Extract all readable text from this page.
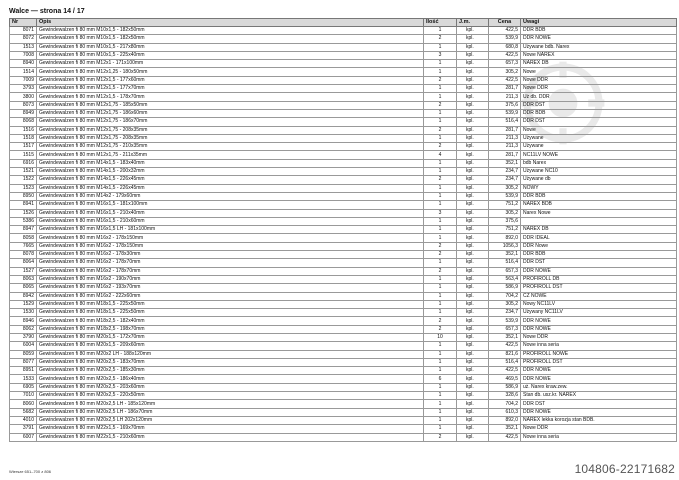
Walce — strona 14 / 17
Nr	Opis	Ilość	J.m.	Cena	Uwagi
8071	Gewindewalzen fi 80 mm M10x1,5 - 182x50mm	1	kpl.	422,5	DDR BDB
8072	Gewindewalzen fi 80 mm M10x1,5 - 182x50mm	2	kpl.	539,9	DDR NOWE
1513	Gewindewalzen fi 80 mm M10x1,5 - 217x80mm	1	kpl.	680,8	Używane bdb. Narex
7008	Gewindewalzen fi 80 mm M10x1,5 - 225x40mm	3	kpl.	422,5	Nowe NAREX
8940	Gewindewalzen fi 80 mm M12x1 - 171x100mm	1	kpl.	657,3	NAREX DB
1514	Gewindewalzen fi 80 mm M12x1,25 - 180x50mm	1	kpl.	305,2	Nowe
7009	Gewindewalzen fi 80 mm M12x1,5 - 177x60mm	2	kpl.	422,5	Nowe DDR
3793	Gewindewalzen fi 80 mm M12x1,5 - 177x70mm	1	kpl.	281,7	Nowe DDR
3800	Gewindewalzen fi 80 mm M12x1,5 - 178x70mm	1	kpl.	211,3	Uż db. DDR
8073	Gewindewalzen fi 80 mm M12x1,75 - 185x50mm	2	kpl.	375,6	DDR DST
8949	Gewindewalzen fi 80 mm M12x1,75 - 186x60mm	1	kpl.	539,9	DDR BDB
8068	Gewindewalzen fi 80 mm M12x1,75 - 186x70mm	1	kpl.	516,4	DDR DST
1516	Gewindewalzen fi 80 mm M12x1,75 - 208x35mm	2	kpl.	281,7	Nowe
1518	Gewindewalzen fi 80 mm M12x1,75 - 208x35mm	1	kpl.	211,3	Używane
1517	Gewindewalzen fi 80 mm M12x1,75 - 210x35mm	2	kpl.	211,3	Używane
1515	Gewindewalzen fi 80 mm M12x1,75 - 211x35mm	4	kpl.	281,7	NC11LV NOWE
6916	Gewindewalzen fi 80 mm M14x1,5 - 183x40mm	1	kpl.	352,1	bdb Narex
1521	Gewindewalzen fi 80 mm M14x1,5 - 200x32mm	1	kpl.	234,7	Używane NC10
1522	Gewindewalzen fi 80 mm M14x1,5 - 226x45mm	2	kpl.	234,7	Używane db
1523	Gewindewalzen fi 80 mm M14x1,5 - 226x45mm	1	kpl.	305,2	NOWY
8950	Gewindewalzen fi 80 mm M14x2 - 179x60mm	1	kpl.	539,9	DDR BDB
8941	Gewindewalzen fi 80 mm M16x1,5 - 181x100mm	1	kpl.	751,2	NAREX BDB
1526	Gewindewalzen fi 80 mm M16x1,5 - 210x40mm	3	kpl.	305,2	Narex Nowe
5386	Gewindewalzen fi 80 mm M16x1,5 - 210x60mm	1	kpl.	375,6	
8947	Gewindewalzen fi 80 mm M16x1,5 LH - 181x100mm	1	kpl.	751,2	NAREX DB
8058	Gewindewalzen fi 80 mm M16x2 - 178x150mm	1	kpl.	892,0	DDR IDEAL
7665	Gewindewalzen fi 80 mm M16x2 - 178x150mm	2	kpl.	1056,3	DDR Nowe
8078	Gewindewalzen fi 80 mm M16x2 - 178x30mm	2	kpl.	352,1	DDR BDB
8064	Gewindewalzen fi 80 mm M16x2 - 178x70mm	1	kpl.	516,4	DDR DST
1527	Gewindewalzen fi 80 mm M16x2 - 178x70mm	2	kpl.	657,3	DDR NOWE
8063	Gewindewalzen fi 80 mm M16x2 - 190x70mm	1	kpl.	563,4	PROFIROLL DB
8065	Gewindewalzen fi 80 mm M16x2 - 193x70mm	1	kpl.	586,9	PROFIROLL DST
8942	Gewindewalzen fi 80 mm M16x2 - 222x60mm	1	kpl.	704,2	CZ NOWE
1529	Gewindewalzen fi 80 mm M18x1,5 - 225x50mm	1	kpl.	305,2	Nowy NC11LV
1530	Gewindewalzen fi 80 mm M18x1,5 - 225x50mm	1	kpl.	234,7	Używany NC11LV
8946	Gewindewalzen fi 80 mm M18x2,5 - 182x40mm	2	kpl.	539,9	DDR NOWE
8062	Gewindewalzen fi 80 mm M18x2,5 - 198x70mm	2	kpl.	657,3	DDR NOWE
3790	Gewindewalzen fi 80 mm M20x1,5 - 172x70mm	10	kpl.	352,1	Nowe DDR
6004	Gewindewalzen fi 80 mm M20x1,5 - 209x60mm	1	kpl.	422,5	Nowe inna seria
8059	Gewindewalzen fi 80 mm M20x2 LH - 188x120mm	1	kpl.	821,6	PROFIROLL NOWE
8077	Gewindewalzen fi 80 mm M20x2,5 - 183x70mm	1	kpl.	516,4	PROFIROLL DST
8951	Gewindewalzen fi 80 mm M20x2,5 - 185x30mm	1	kpl.	422,5	DDR NOWE
1533	Gewindewalzen fi 80 mm M20x2,5 - 186x40mm	6	kpl.	469,5	DDR NOWE
6905	Gewindewalzen fi 80 mm M20x2,5 - 203x60mm	1	kpl.	586,9	uż. Narex kraw.zew.
7010	Gewindewalzen fi 80 mm M20x2,5 - 220x50mm	1	kpl.	328,6	Stan db. usz.kr. NAREX
8060	Gewindewalzen fi 80 mm M20x2,5 LH - 185x120mm	1	kpl.	704,2	DDR DST
5682	Gewindewalzen fi 80 mm M20x2,5 LH - 186x70mm	1	kpl.	610,3	DDR NOWE
4010	Gewindewalzen fi 80 mm M20x2,5 LH 202x120mm	1	kpl.	892,0	NAREX lekka korozja stan BDB.
3791	Gewindewalzen fi 80 mm M22x1,5 - 169x70mm	1	kpl.	352,1	Nowe DDR
6007	Gewindewalzen fi 80 mm M22x1,5 - 210x60mm	2	kpl.	422,5	Nowe inna seria
Wiersze 651–700 z 806	104806-22171682
